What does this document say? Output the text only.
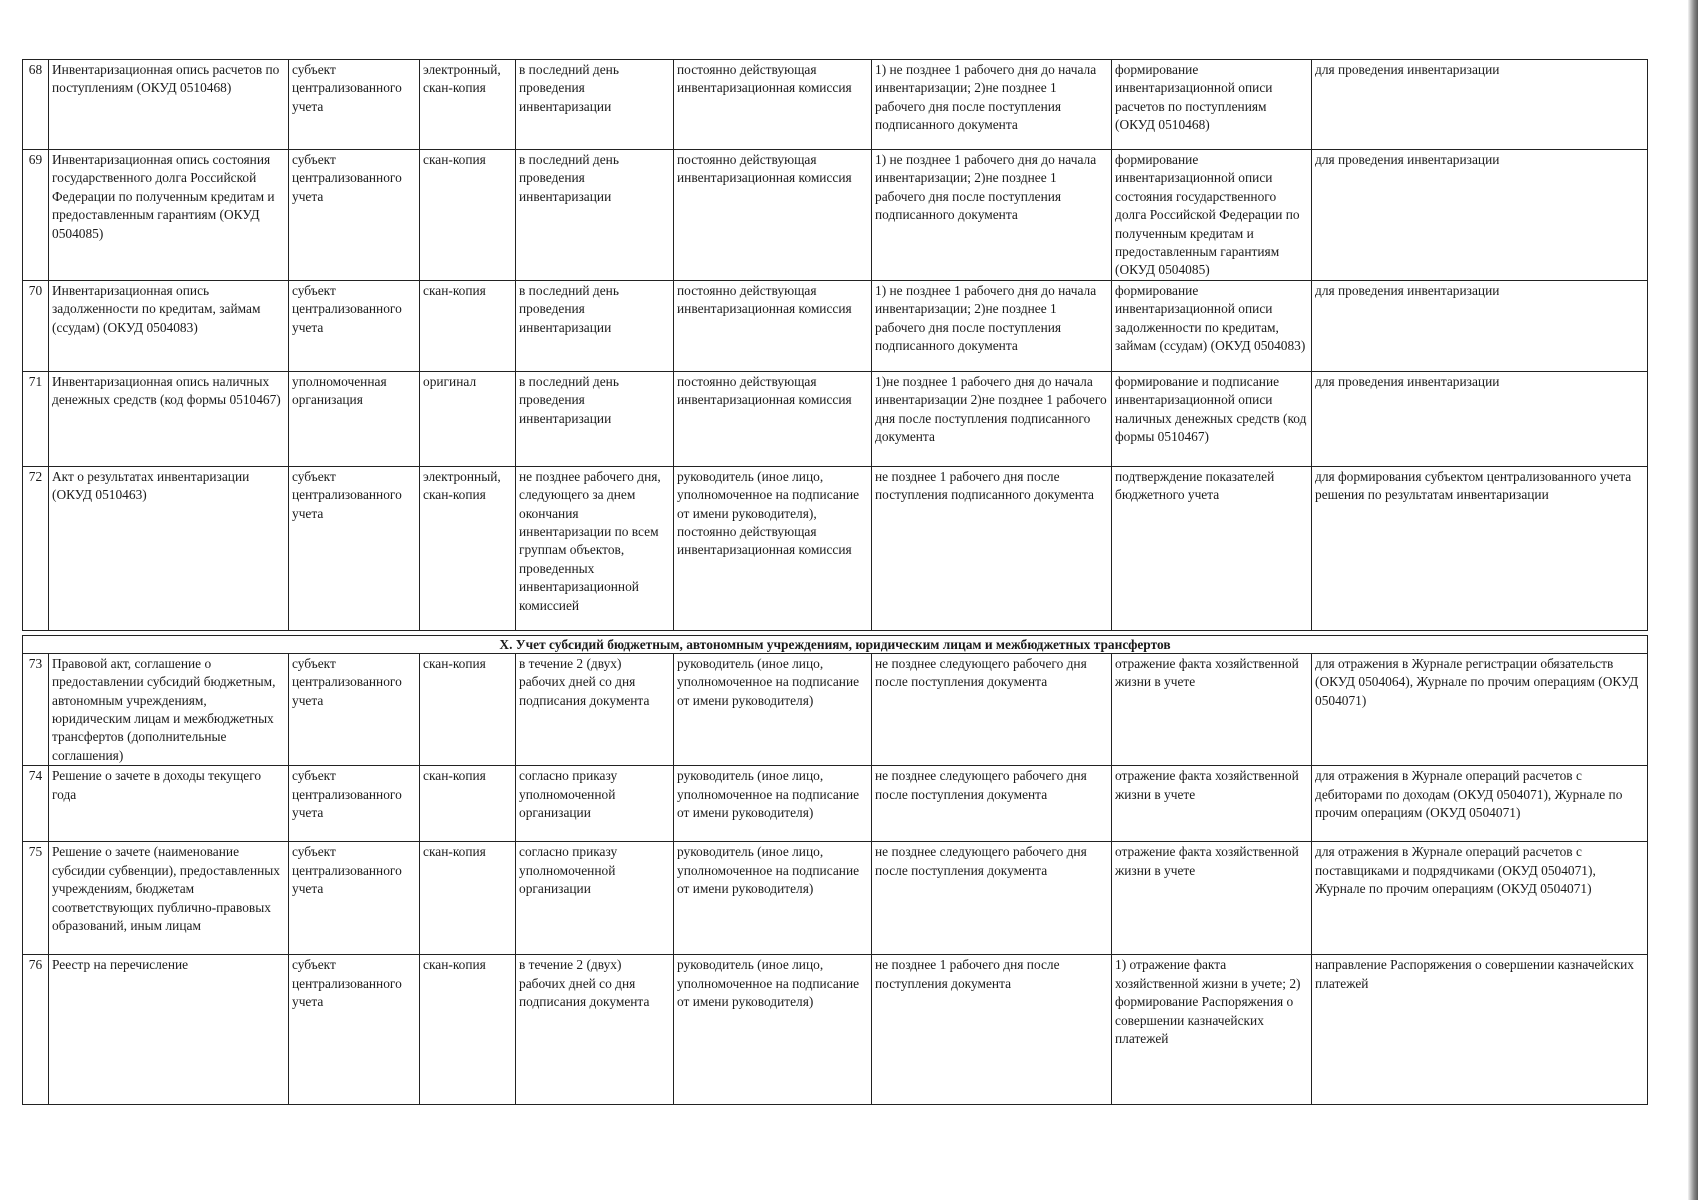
68	Инвентаризационная опись расчетов по поступлениям (ОКУД 0510468)	субъект централизованного учета	электронный, скан-копия	в последний день проведения инвентаризации	постоянно действующая инвентаризационная комиссия	1) не позднее 1 рабочего дня до начала инвентаризации; 2)не позднее 1 рабочего дня после поступления подписанного документа	формирование инвентаризационной описи расчетов по поступлениям (ОКУД 0510468)	для проведения инвентаризации
69	Инвентаризационная опись состояния государственного долга Российской Федерации по полученным кредитам и предоставленным гарантиям (ОКУД 0504085)	субъект централизованного учета	скан-копия	в последний день проведения инвентаризации	постоянно действующая инвентаризационная комиссия	1) не позднее 1 рабочего дня до начала инвентаризации; 2)не позднее 1 рабочего дня после поступления подписанного документа	формирование инвентаризационной описи состояния государственного долга Российской Федерации по полученным кредитам и предоставленным гарантиям (ОКУД 0504085)	для проведения инвентаризации
70	Инвентаризационная опись задолженности по кредитам, займам (ссудам) (ОКУД 0504083)	субъект централизованного учета	скан-копия	в последний день проведения инвентаризации	постоянно действующая инвентаризационная комиссия	1) не позднее 1 рабочего дня до начала инвентаризации; 2)не позднее 1 рабочего дня после поступления подписанного документа	формирование инвентаризационной описи задолженности по кредитам, займам (ссудам) (ОКУД 0504083)	для проведения инвентаризации
71	Инвентаризационная опись наличных денежных средств (код формы 0510467)	уполномоченная организация	оригинал	в последний день проведения инвентаризации	постоянно действующая инвентаризационная комиссия	1)не позднее 1 рабочего дня до начала инвентаризации 2)не позднее 1 рабочего дня после поступления подписанного документа	формирование и подписание инвентаризационной описи наличных денежных средств (код формы 0510467)	для проведения инвентаризации
72	Акт о результатах инвентаризации (ОКУД 0510463)	субъект централизованного учета	электронный, скан-копия	не позднее рабочего дня, следующего за днем окончания инвентаризации по всем группам объектов, проведенных инвентаризационной комиссией	руководитель (иное лицо, уполномоченное на подписание от имени руководителя), постоянно действующая инвентаризационная комиссия	не позднее 1 рабочего дня после поступления подписанного документа	подтверждение показателей бюджетного учета	для формирования субъектом централизованного учета решения по результатам инвентаризации

X. Учет субсидий бюджетным, автономным учреждениям, юридическим лицам и межбюджетных трансфертов								
73	Правовой акт, соглашение о предоставлении субсидий бюджетным, автономным учреждениям, юридическим лицам и межбюджетных трансфертов (дополнительные соглашения)	субъект централизованного учета	скан-копия	в течение 2 (двух) рабочих дней со дня подписания документа	руководитель (иное лицо, уполномоченное на подписание от имени руководителя)	не позднее следующего рабочего дня после поступления документа	отражение факта хозяйственной жизни в учете	для отражения в Журнале регистрации обязательств (ОКУД 0504064), Журнале по прочим операциям (ОКУД 0504071)
74	Решение о зачете в доходы текущего года	субъект централизованного учета	скан-копия	согласно приказу уполномоченной организации	руководитель (иное лицо, уполномоченное на подписание от имени руководителя)	не позднее следующего рабочего дня после поступления документа	отражение факта хозяйственной жизни в учете	для отражения в Журнале операций расчетов с дебиторами по доходам (ОКУД 0504071), Журнале по прочим операциям (ОКУД 0504071)
75	Решение о зачете (наименование субсидии субвенции), предоставленных учреждениям, бюджетам соответствующих публично-правовых образований, иным лицам	субъект централизованного учета	скан-копия	согласно приказу уполномоченной организации	руководитель (иное лицо, уполномоченное на подписание от имени руководителя)	не позднее следующего рабочего дня после поступления документа	отражение факта хозяйственной жизни в учете	для отражения в Журнале операций расчетов с поставщиками и подрядчиками (ОКУД 0504071), Журнале по прочим операциям (ОКУД 0504071)
76	Реестр на перечисление	субъект централизованного учета	скан-копия	в течение 2 (двух) рабочих дней со дня подписания документа	руководитель (иное лицо, уполномоченное на подписание от имени руководителя)	не позднее 1 рабочего дня после поступления документа	1) отражение факта хозяйственной жизни в учете; 2) формирование Распоряжения о совершении казначейских платежей	направление Распоряжения о совершении казначейских платежей
